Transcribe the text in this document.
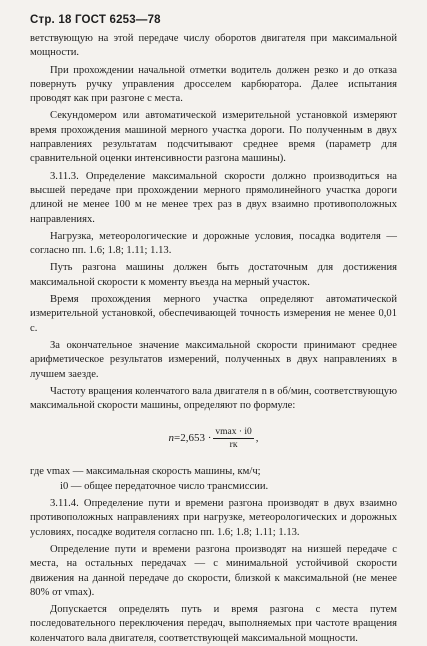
Стр. 18 ГОСТ 6253—78

ветствующую на этой передаче числу оборотов двигателя при максимальной мощности.

При прохождении начальной отметки водитель должен резко и до отказа повернуть ручку управления дросселем карбюратора. Далее испытания проводят как при разгоне с места.

Секундомером или автоматической измерительной установкой измеряют время прохождения машиной мерного участка дороги. По полученным в двух направлениях результатам подсчитывают среднее время (параметр для сравнительной оценки интенсивности разгона машины).

3.11.3. Определение максимальной скорости должно производиться на высшей передаче при прохождении мерного прямолинейного участка дороги длиной не менее 100 м не менее трех раз в двух взаимно противоположных направлениях.

Нагрузка, метеорологические и дорожные условия, посадка водителя — согласно пп. 1.6; 1.8; 1.11; 1.13.

Путь разгона машины должен быть достаточным для достижения максимальной скорости к моменту въезда на мерный участок.

Время прохождения мерного участка определяют автоматической измерительной установкой, обеспечивающей точность измерения не менее 0,01 с.

За окончательное значение максимальной скорости принимают среднее арифметическое результатов измерений, полученных в двух направлениях в лучшем заезде.

Частоту вращения коленчатого вала двигателя n в об/мин, соответствующую максимальной скорости машины, определяют по формуле:

$n = 2,653 \cdot \frac{vmax \cdot i0}{rк}$ ,

где vmax — максимальная скорость машины, км/ч;

i0 — общее передаточное число трансмиссии.

3.11.4. Определение пути и времени разгона производят в двух взаимно противоположных направлениях при нагрузке, метеорологических и дорожных условиях, посадке водителя согласно пп. 1.6; 1.8; 1.11; 1.13.

Определение пути и времени разгона производят на низшей передаче с места, на остальных передачах — с минимальной устойчивой скорости движения на данной передаче до скорости, близкой к максимальной (не менее 80% от vmax).

Допускается определять путь и время разгона с места путем последовательного переключения передач, выполняемых при частоте вращения коленчатого вала двигателя, соответствующей максимальной мощности.
